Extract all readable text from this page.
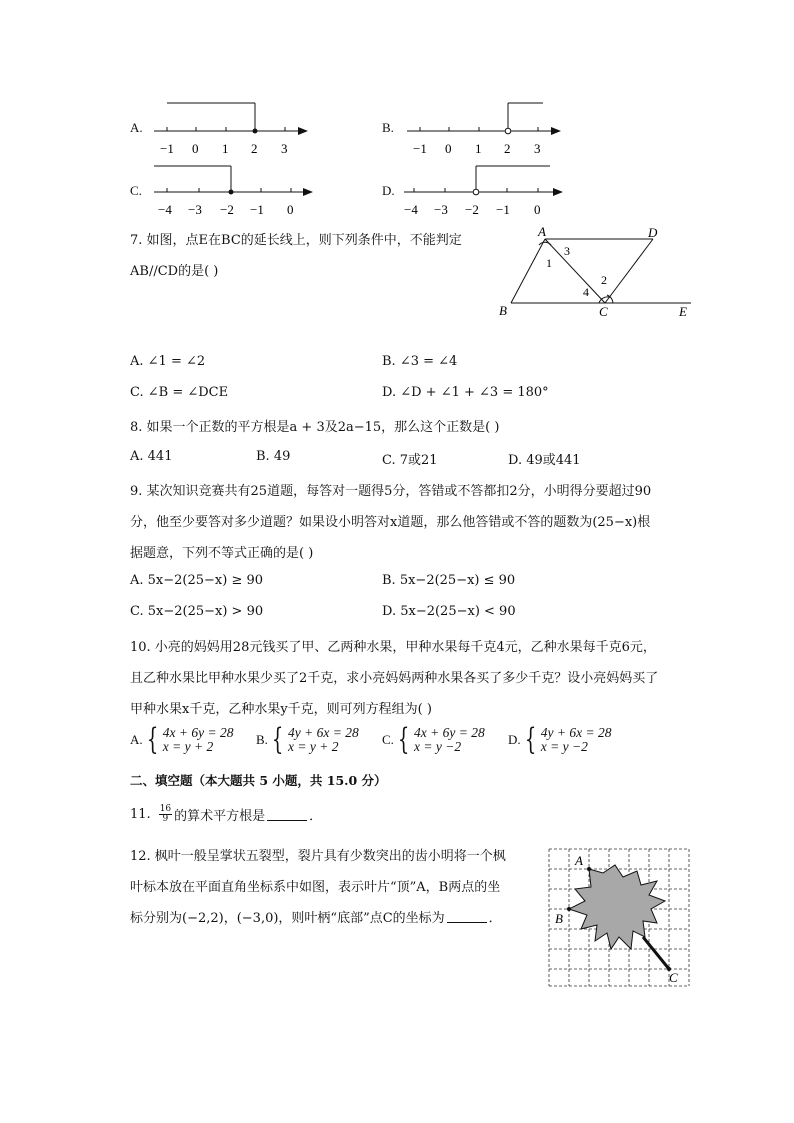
A.
−1 0 1 2 3
B.
−1 0 1 2 3
C.
−4 −3 −2 −1 0
D.
−4 −3 −2 −1 0
7. 如图，点E在BC的延长线上，则下列条件中，不能判定
AB//CD的是( )
A	D
B	C	E
1
2
3
4
A. ∠1 = ∠2	B. ∠3 = ∠4
C. ∠B = ∠DCE	D. ∠D + ∠1 + ∠3 = 180°
8. 如果一个正数的平方根是a + 3及2a−15，那么这个正数是( )
A. 441	B. 49	C. 7或21	D. 49或441
9. 某次知识竞赛共有25道题，每答对一题得5分，答错或不答都扣2分，小明得分要超过90
分，他至少要答对多少道题？如果设小明答对x道题，那么他答错或不答的题数为(25−x)根
据题意，下列不等式正确的是( )
A. 5x−2(25−x) ≥ 90	B. 5x−2(25−x) ≤ 90
C. 5x−2(25−x) > 90	D. 5x−2(25−x) < 90
10. 小亮的妈妈用28元钱买了甲、乙两种水果，甲种水果每千克4元，乙种水果每千克6元，
且乙种水果比甲种水果少买了2千克，求小亮妈妈两种水果各买了多少千克？设小亮妈妈买了
甲种水果x千克，乙种水果y千克，则可列方程组为( )
A. { 4x + 6y = 28
x = y + 2	B. { 4y + 6x = 28
x = y + 2	C. { 4x + 6y = 28
x = y −2	D. { 4y + 6x = 28
x = y −2
二、填空题（本大题共 5 小题，共 15.0 分）
11. $\frac{16}{9}$ 的算术平方根是	．
12. 枫叶一般呈掌状五裂型，裂片具有少数突出的齿小明将一个枫
叶标本放在平面直角坐标系中如图，表示叶片“顶”A，B两点的坐
标分别为(−2,2)，(−3,0)，则叶柄“底部”点C的坐标为	．
A
B
C
